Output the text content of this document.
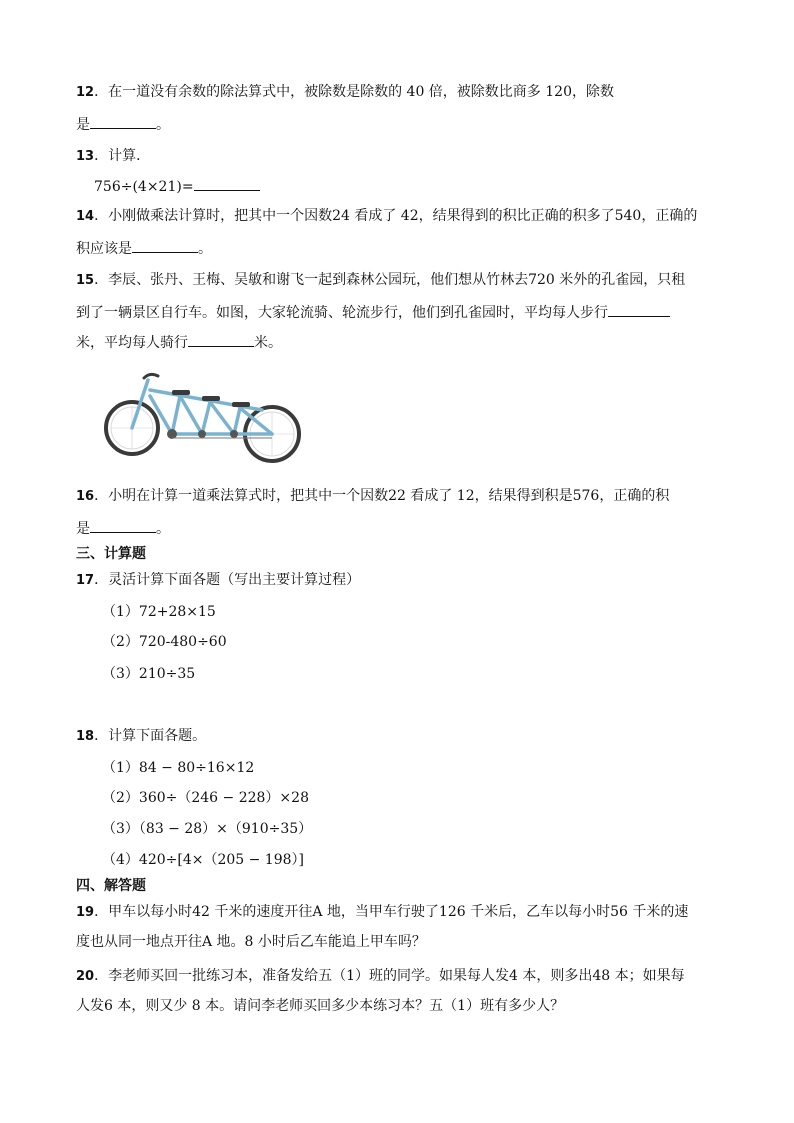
12．在一道没有余数的除法算式中，被除数是除数的 40 倍，被除数比商多 120，除数
是	。
13．计算．
756÷(4×21)=
14．小刚做乘法计算时，把其中一个因数24 看成了 42，结果得到的积比正确的积多了540，正确的
积应该是	。
15．李辰、张丹、王梅、吴敏和谢飞一起到森林公园玩，他们想从竹林去720 米外的孔雀园，只租
到了一辆景区自行车。如图，大家轮流骑、轮流步行，他们到孔雀园时，平均每人步行
米，平均每人骑行	米。
16．小明在计算一道乘法算式时，把其中一个因数22 看成了 12，结果得到积是576，正确的积
是	。
三、计算题
17．灵活计算下面各题（写出主要计算过程）
（1）72+28×15
（2）720-480÷60
（3）210÷35
18．计算下面各题。
（1）84 − 80÷16×12
（2）360÷（246 − 228）×28
（3）（83 − 28）×（910÷35）
（4）420÷[4×（205 − 198）]
四、解答题
19．甲车以每小时42 千米的速度开往A 地，当甲车行驶了126 千米后，乙车以每小时56 千米的速
度也从同一地点开往A 地。8 小时后乙车能追上甲车吗？
20．李老师买回一批练习本，准备发给五（1）班的同学。如果每人发4 本，则多出48 本；如果每
人发6 本，则又少 8 本。请问李老师买回多少本练习本？五（1）班有多少人？
